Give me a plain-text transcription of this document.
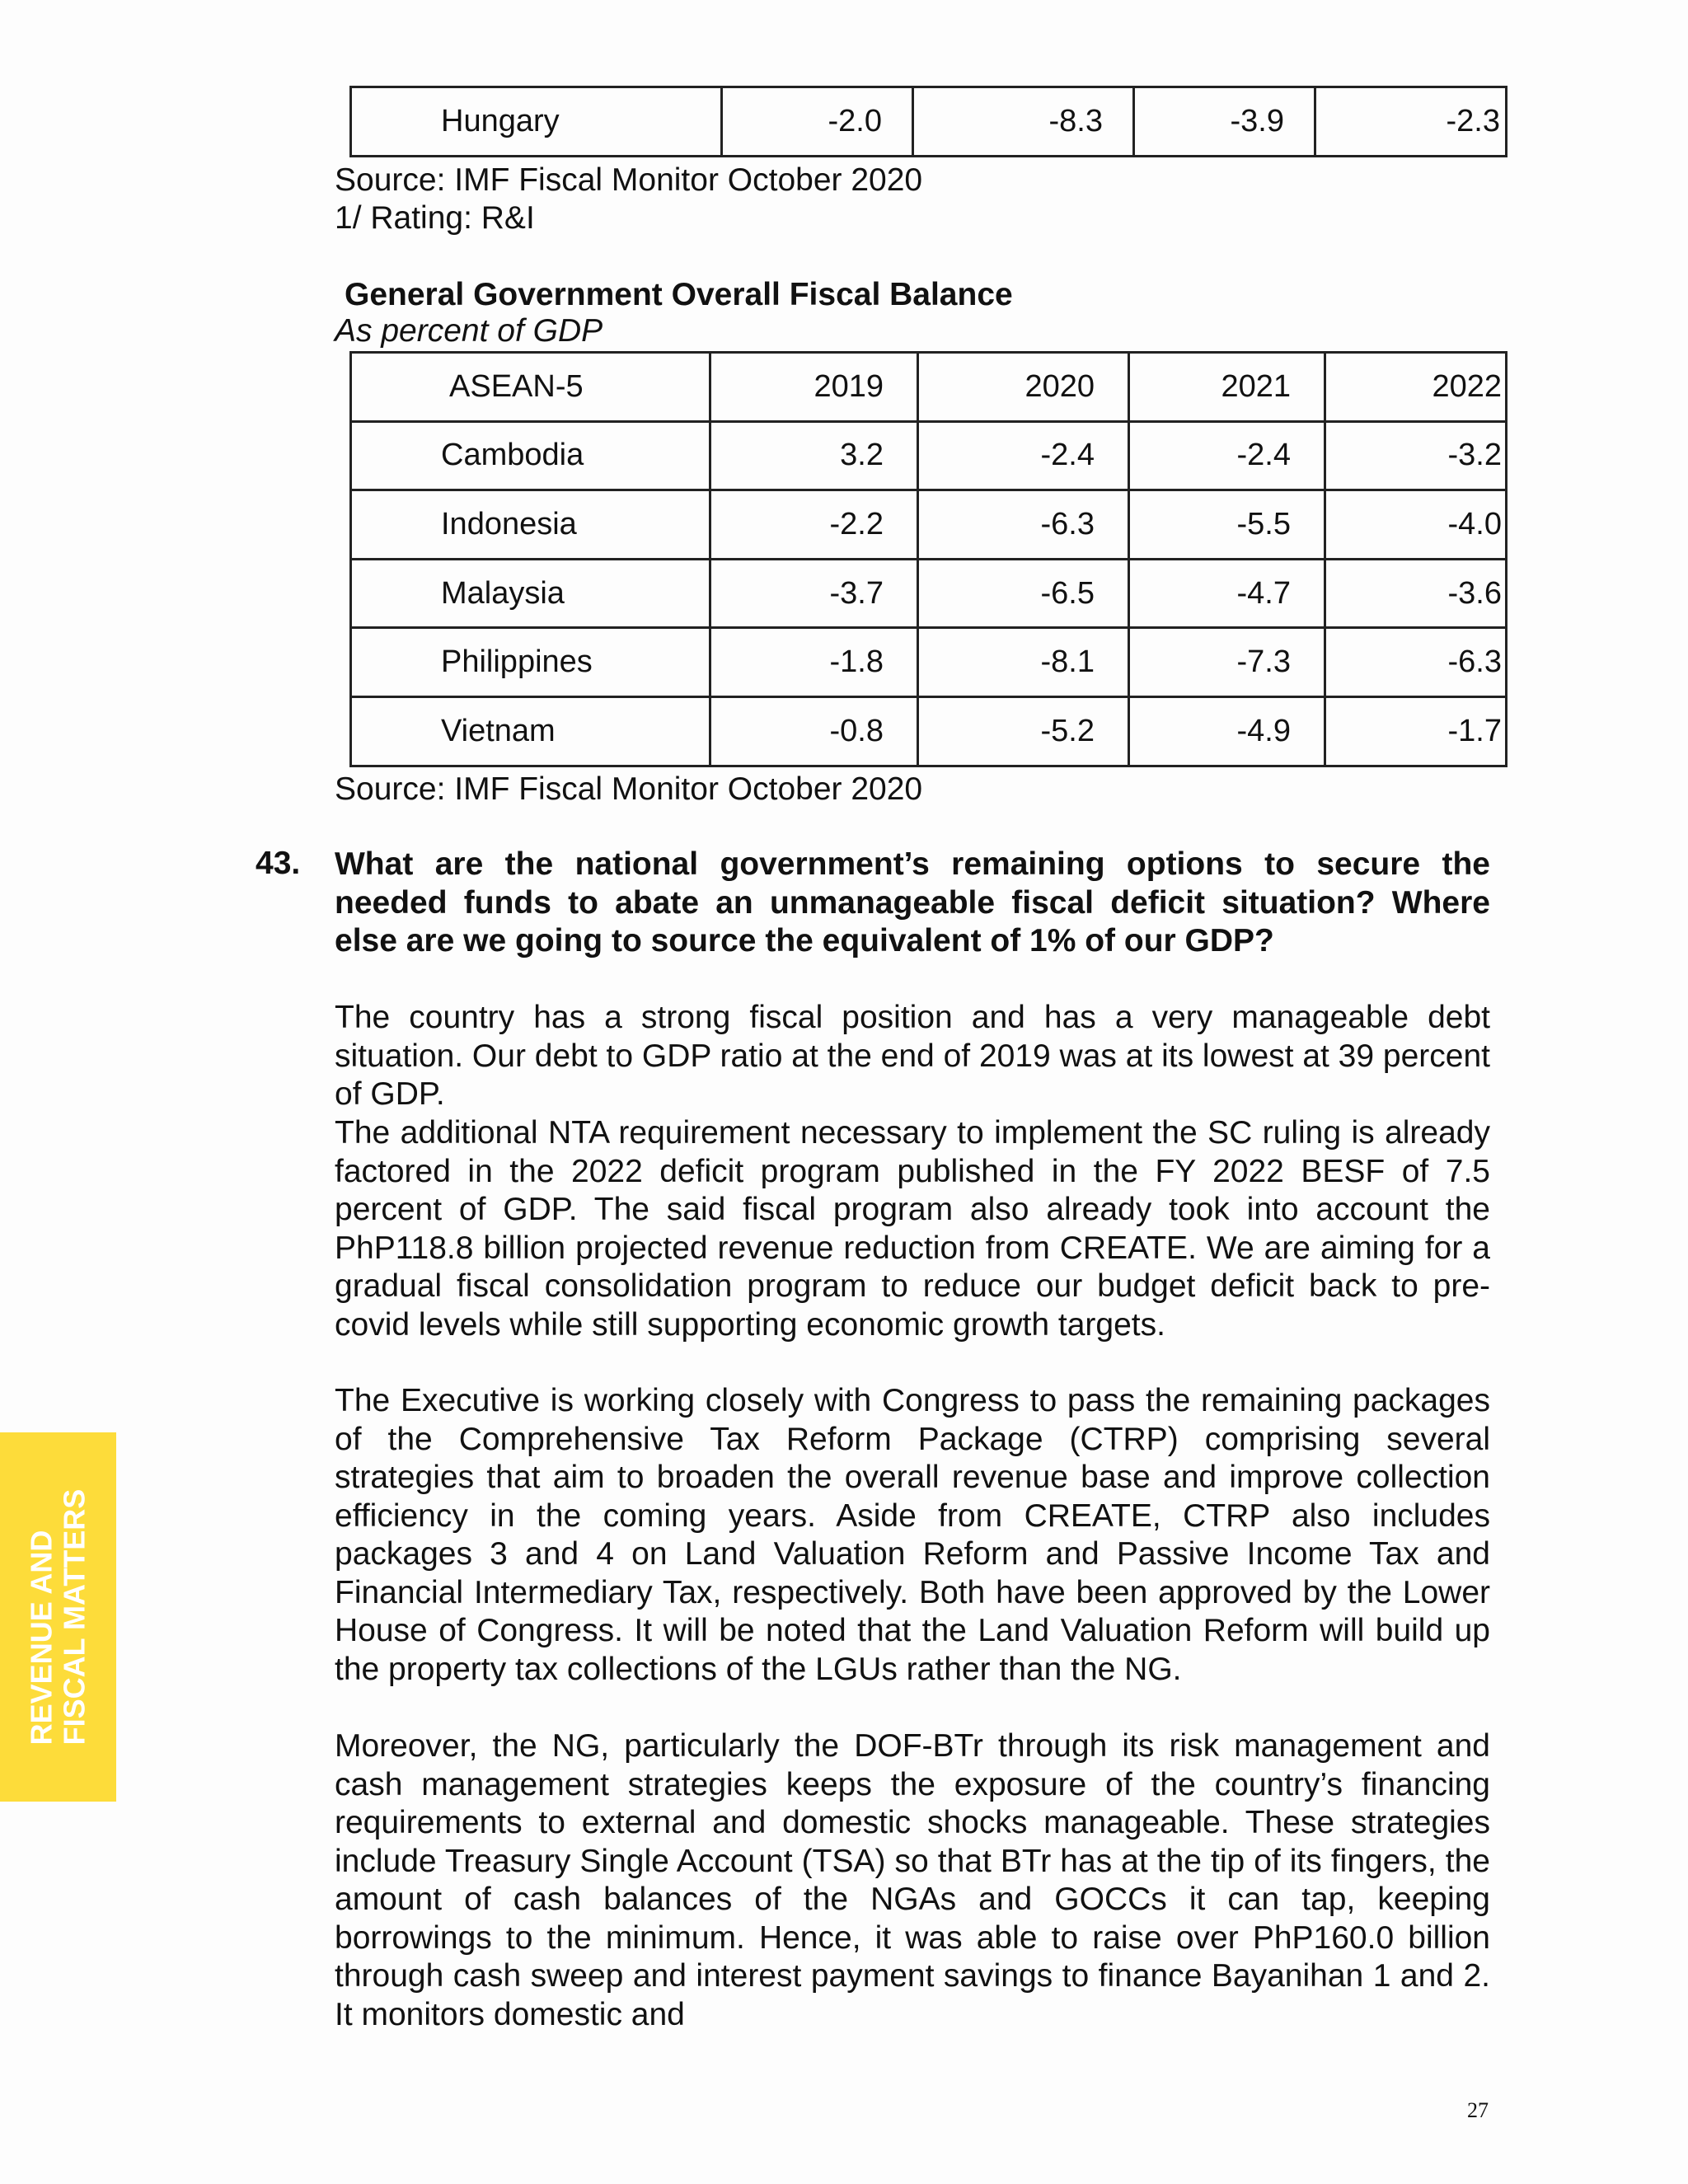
Hungary	-2.0	-8.3	-3.9	-2.3

Source: IMF Fiscal Monitor October 2020

1/ Rating: R&I

General Government Overall Fiscal Balance

As percent of GDP

ASEAN-5	2019	2020	2021	2022
Cambodia	3.2	-2.4	-2.4	-3.2
Indonesia	-2.2	-6.3	-5.5	-4.0
Malaysia	-3.7	-6.5	-4.7	-3.6
Philippines	-1.8	-8.1	-7.3	-6.3
Vietnam	-0.8	-5.2	-4.9	-1.7

Source: IMF Fiscal Monitor October 2020

43. What are the national government’s remaining options to secure the needed funds to abate an unmanageable fiscal deficit situation? Where else are we going to source the equivalent of 1% of our GDP?

The country has a strong fiscal position and has a very manageable debt situation. Our debt to GDP ratio at the end of 2019 was at its lowest at 39 percent of GDP.

The additional NTA requirement necessary to implement the SC ruling is already factored in the 2022 deficit program published in the FY 2022 BESF of 7.5 percent of GDP. The said fiscal program also already took into account the PhP118.8 billion projected revenue reduction from CREATE. We are aiming for a gradual fiscal consolidation program to reduce our budget deficit back to pre-covid levels while still supporting economic growth targets.

The Executive is working closely with Congress to pass the remaining packages of the Comprehensive Tax Reform Package (CTRP) comprising several strategies that aim to broaden the overall revenue base and improve collection efficiency in the coming years. Aside from CREATE, CTRP also includes packages 3 and 4 on Land Valuation Reform and Passive Income Tax and Financial Intermediary Tax, respectively. Both have been approved by the Lower House of Congress. It will be noted that the Land Valuation Reform will build up the property tax collections of the LGUs rather than the NG.

Moreover, the NG, particularly the DOF-BTr through its risk management and cash management strategies keeps the exposure of the country’s financing requirements to external and domestic shocks manageable. These strategies include Treasury Single Account (TSA) so that BTr has at the tip of its fingers, the amount of cash balances of the NGAs and GOCCs it can tap, keeping borrowings to the minimum. Hence, it was able to raise over PhP160.0 billion through cash sweep and interest payment savings to finance Bayanihan 1 and 2. It monitors domestic and

REVENUE AND FISCAL MATTERS
27
